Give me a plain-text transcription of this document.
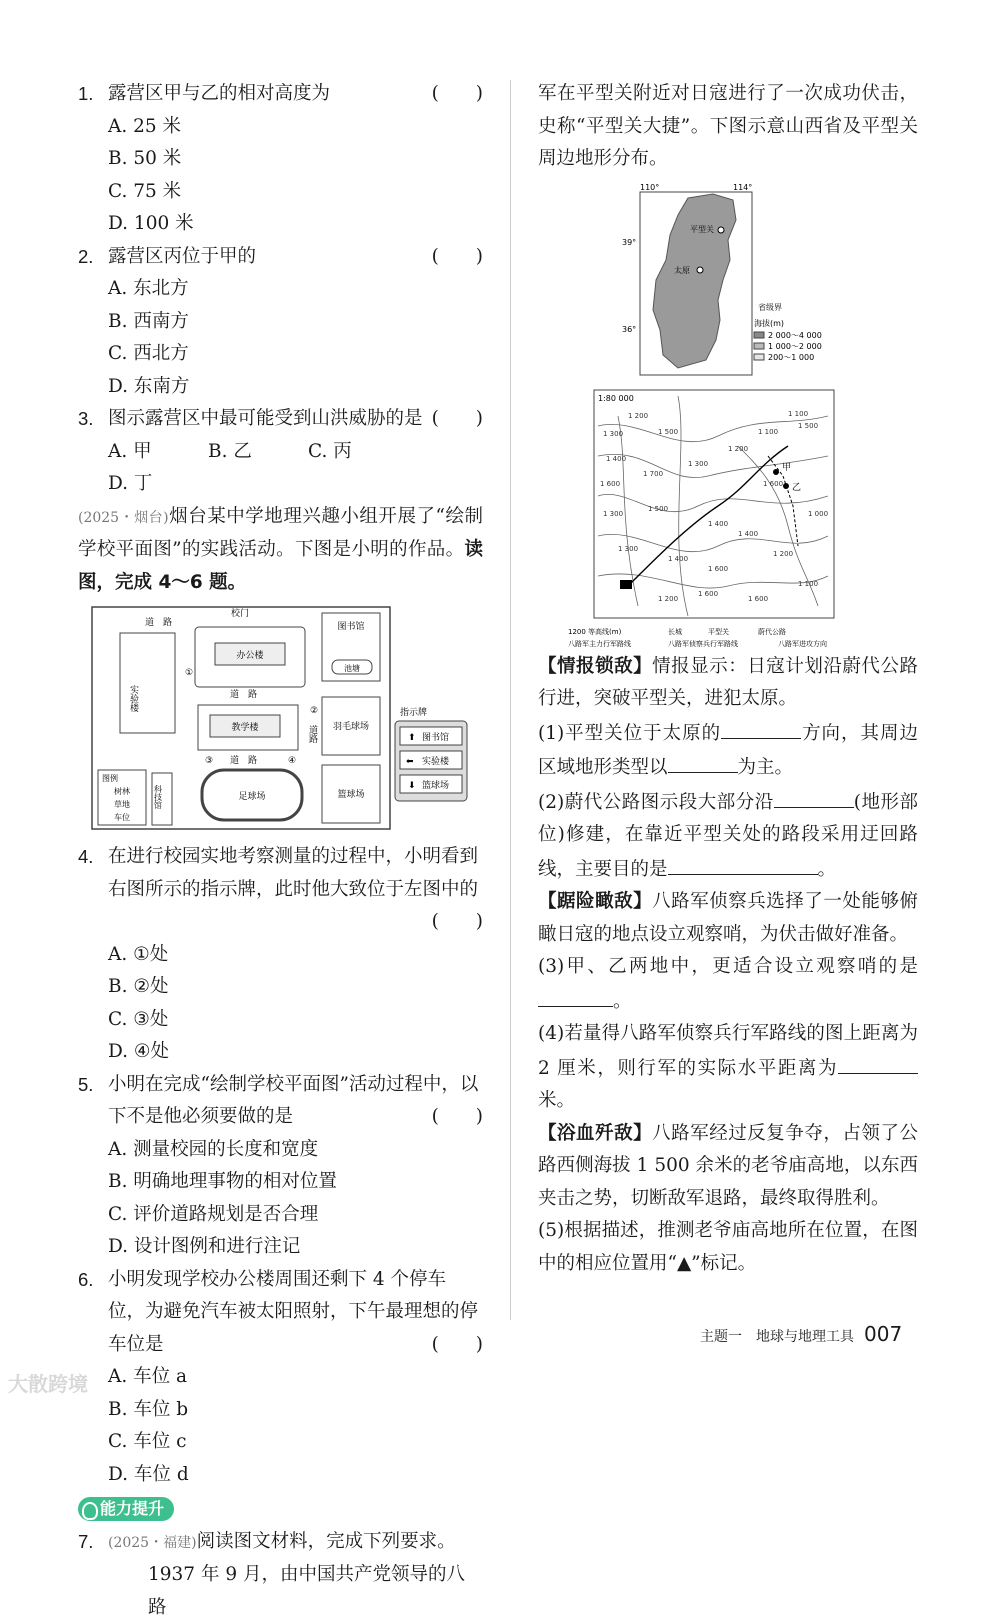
1. 露营区甲与乙的相对高度为	(　　)
A. 25 米
B. 50 米
C. 75 米
D. 100 米
2. 露营区丙位于甲的	(　　)
A. 东北方
B. 西南方
C. 西北方
D. 东南方
3. 图示露营区中最可能受到山洪威胁的是 (　　)
A. 甲	B. 乙	C. 丙
D. 丁
(2025・烟台)烟台某中学地理兴趣小组开展了“绘制学校平面图”的实践活动。下图是小明的作品。读图，完成 4～6 题。
校门
道　路
实验楼
办公楼
①
道　路
教学楼
②
道路
③ 道　路	④
图书馆
池塘
羽毛球场
足球场	篮球场
科技馆
图例
树林
草地
车位
指示牌
⬆ 图书馆
⬅ 实验楼
⬇ 篮球场
4. 在进行校园实地考察测量的过程中，小明看到右图所示的指示牌，此时他大致位于左图中的
(　　)
A. ①处
B. ②处
C. ③处
D. ④处
5. 小明在完成“绘制学校平面图”活动过程中，以下不是他必须要做的是	(　　)
A. 测量校园的长度和宽度
B. 明确地理事物的相对位置
C. 评价道路规划是否合理
D. 设计图例和进行注记
6. 小明发现学校办公楼周围还剩下 4 个停车位，为避免汽车被太阳照射，下午最理想的停车位是	(　　)
A. 车位 a
B. 车位 b
C. 车位 c
D. 车位 d
能力提升
7.	(2025・福建)阅读图文材料，完成下列要求。
1937 年 9 月，由中国共产党领导的八路
军在平型关附近对日寇进行了一次成功伏击，史称“平型关大捷”。下图示意山西省及平型关周边地形分布。
110°	114°
39°
36°
平型关
太原
省级界
海拔(m)
2 000～4 000
1 000～2 000
200～1 000
1:80 000
甲
乙
1 200
1 300	1 500
1 400
1 700
1 600
1 300
1 200
1 300
1 500
1 400
1 100
1 500
1 600
1 400
1 300
1 400
1 600
1 200
1 100
1 000
1 100
1 200
1 600
1 600
1200 等高线(m)	长城	平型关	蔚代公路
八路军主力行军路线	八路军侦察兵行军路线	八路军进攻方向
【情报锁敌】情报显示：日寇计划沿蔚代公路行进，突破平型关，进犯太原。
(1)平型关位于太原的	方向，其周边区域地形类型以	为主。
(2)蔚代公路图示段大部分沿	(地形部位)修建，在靠近平型关处的路段采用迂回路线，主要目的是	。
【踞险瞰敌】八路军侦察兵选择了一处能够俯瞰日寇的地点设立观察哨，为伏击做好准备。
(3)甲、乙两地中，更适合设立观察哨的是。
(4)若量得八路军侦察兵行军路线的图上距离为 2 厘米，则行军的实际水平距离为米。
【浴血歼敌】八路军经过反复争夺，占领了公路西侧海拔 1 500 余米的老爷庙高地，以东西夹击之势，切断敌军退路，最终取得胜利。
(5)根据描述，推测老爷庙高地所在位置，在图中的相应位置用“▲”标记。
主题一　地球与地理工具 007
大散跨境
